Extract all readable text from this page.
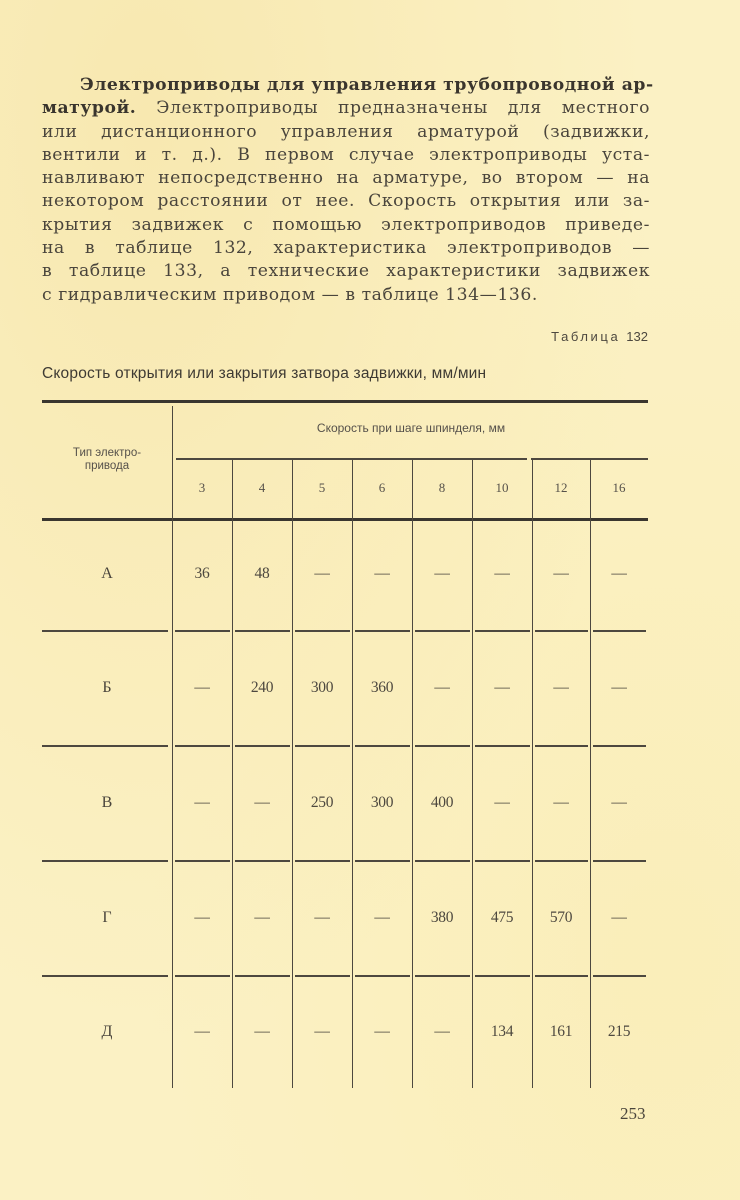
Электроприводы для управления трубопроводной ар-
матурой. Электроприводы предназначены для местного
или дистанционного управления арматурой (задвижки,
вентили и т. д.). В первом случае электроприводы уста-
навливают непосредственно на арматуре, во втором — на
некотором расстоянии от нее. Скорость открытия или за-
крытия задвижек с помощью электроприводов приведе-
на в таблице 132, характеристика электроприводов —
в таблице 133, а технические характеристики задвижек
с гидравлическим приводом — в таблице 134—136.
Таблица 132
Скорость открытия или закрытия затвора задвижки, мм/мин
Тип электро-
привода
Скорость при шаге шпинделя, мм
3	4	5	6	8	10	12	16
А	36	48	—	—	—	—	—	—
Б	—	240	300	360	—	—	—	—
В	—	—	250	300	400	—	—	—
Г	—	—	—	—	380	475	570	—
Д	—	—	—	—	—	134	161	215
253
